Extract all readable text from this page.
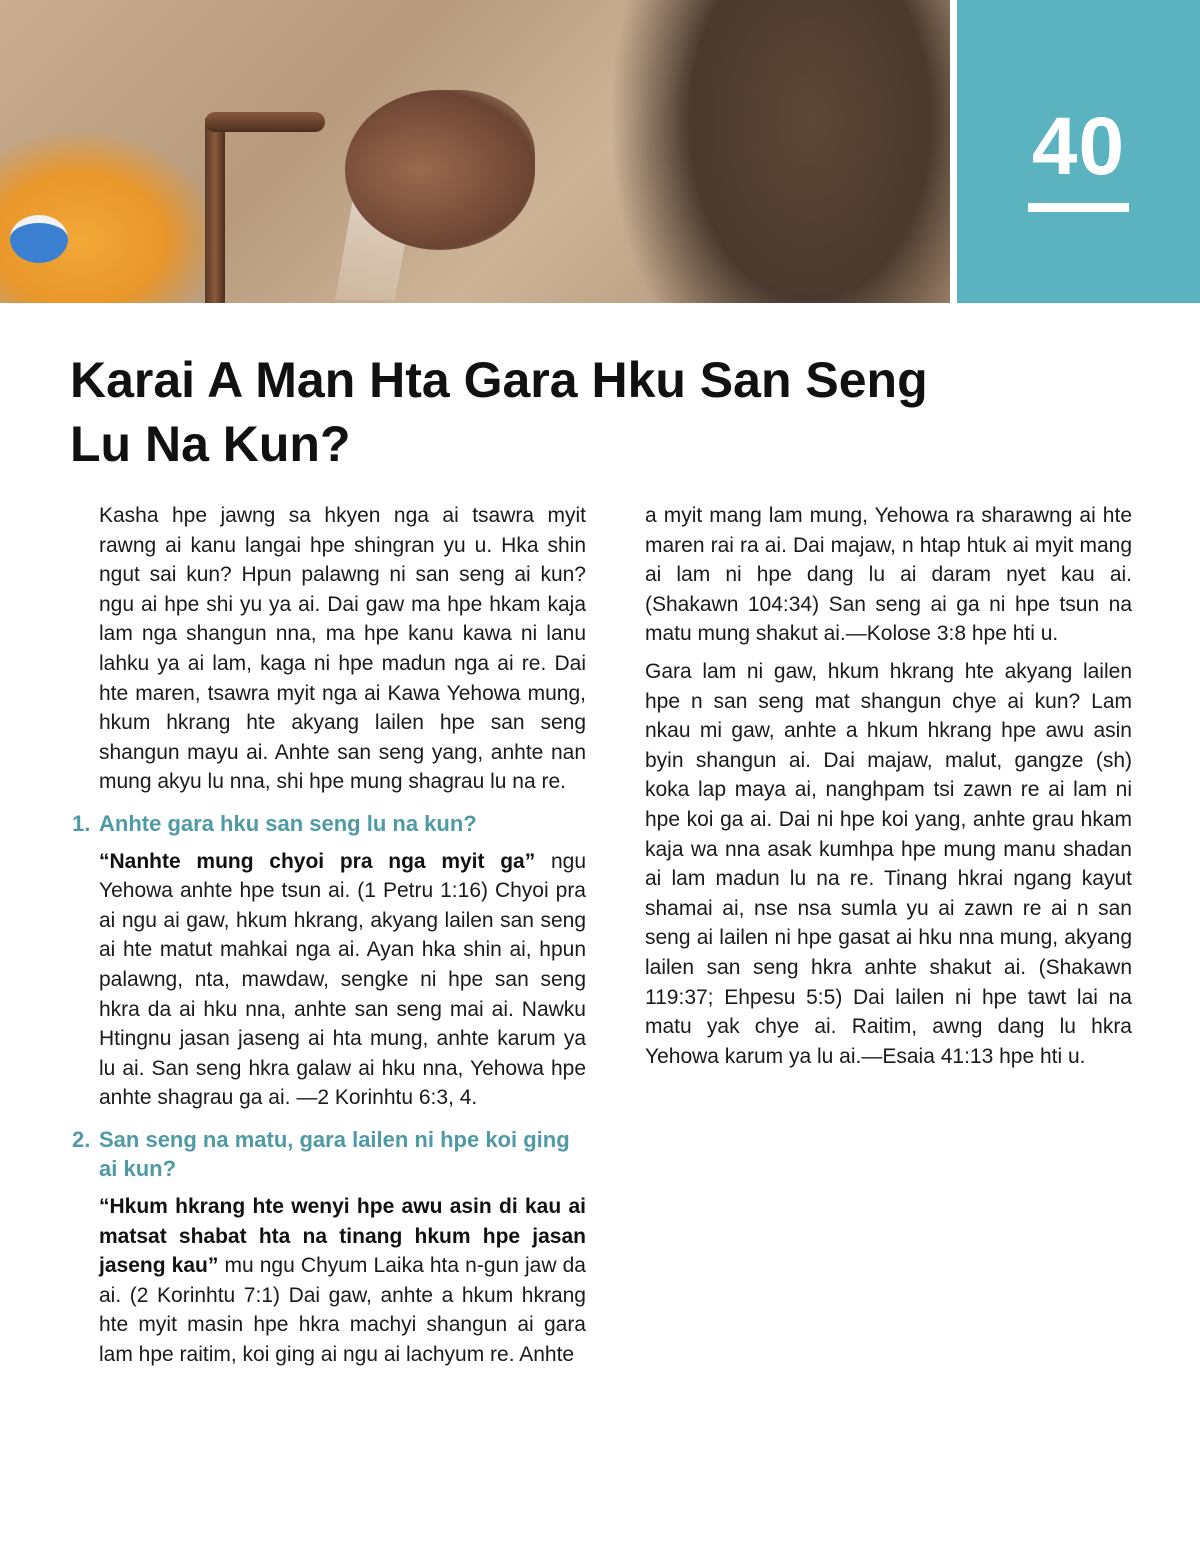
40
Karai A Man Hta Gara Hku San Seng Lu Na Kun?

Kasha hpe jawng sa hkyen nga ai tsawra myit rawng ai kanu langai hpe shingran yu u. Hka shin ngut sai kun? Hpun palawng ni san seng ai kun? ngu ai hpe shi yu ya ai. Dai gaw ma hpe hkam kaja lam nga shangun nna, ma hpe kanu kawa ni lanu lahku ya ai lam, kaga ni hpe madun nga ai re. Dai hte maren, tsawra myit nga ai Kawa Yehowa mung, hkum hkrang hte akyang lailen hpe san seng shangun mayu ai. Anhte san seng yang, anhte nan mung akyu lu nna, shi hpe mung shagrau lu na re.

1. Anhte gara hku san seng lu na kun?

“Nanhte mung chyoi pra nga myit ga” ngu Yehowa anhte hpe tsun ai. (1 Petru 1:16) Chyoi pra ai ngu ai gaw, hkum hkrang, akyang lailen san seng ai hte matut mahkai nga ai. Ayan hka shin ai, hpun palawng, nta, mawdaw, sengke ni hpe san seng hkra da ai hku nna, anhte san seng mai ai. Nawku Htingnu jasan jaseng ai hta mung, anhte karum ya lu ai. San seng hkra galaw ai hku nna, Yehowa hpe anhte shagrau ga ai. —2 Korinhtu 6:3, 4.

2. San seng na matu, gara lailen ni hpe koi ging ai kun?

“Hkum hkrang hte wenyi hpe awu asin di kau ai matsat shabat hta na tinang hkum hpe jasan jaseng kau” mu ngu Chyum Laika hta n-gun jaw da ai. (2 Korinhtu 7:1) Dai gaw, anhte a hkum hkrang hte myit masin hpe hkra machyi shangun ai gara lam hpe raitim, koi ging ai ngu ai lachyum re. Anhte

a myit mang lam mung, Yehowa ra sharawng ai hte maren rai ra ai. Dai majaw, n htap htuk ai myit mang ai lam ni hpe dang lu ai daram nyet kau ai. (Shakawn 104:34) San seng ai ga ni hpe tsun na matu mung shakut ai.—Kolose 3:8 hpe hti u.

Gara lam ni gaw, hkum hkrang hte akyang lailen hpe n san seng mat shangun chye ai kun? Lam nkau mi gaw, anhte a hkum hkrang hpe awu asin byin shangun ai. Dai majaw, malut, gangze (sh) koka lap maya ai, nanghpam tsi zawn re ai lam ni hpe koi ga ai. Dai ni hpe koi yang, anhte grau hkam kaja wa nna asak kumhpa hpe mung manu shadan ai lam madun lu na re. Tinang hkrai ngang kayut shamai ai, nse nsa sumla yu ai zawn re ai n san seng ai lailen ni hpe gasat ai hku nna mung, akyang lailen san seng hkra anhte shakut ai. (Shakawn 119:37; Ehpesu 5:5) Dai lailen ni hpe tawt lai na matu yak chye ai. Raitim, awng dang lu hkra Yehowa karum ya lu ai.—Esaia 41:13 hpe hti u.
